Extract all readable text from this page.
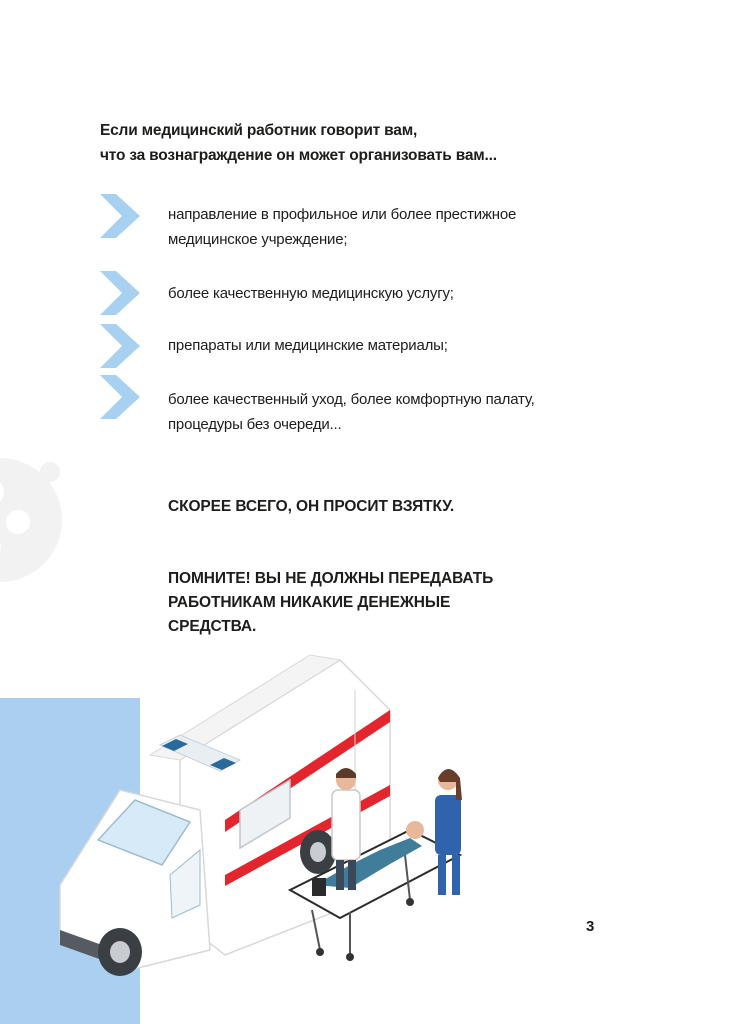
Если медицинский работник говорит вам,
что за вознаграждение он может организовать вам...
направление в профильное или более престижное
медицинское учреждение;
более качественную медицинскую услугу;
препараты или медицинские материалы;
более качественный уход, более комфортную палату,
процедуры без очереди...
СКОРЕЕ ВСЕГО, ОН ПРОСИТ ВЗЯТКУ.
ПОМНИТЕ! ВЫ НЕ ДОЛЖНЫ ПЕРЕДАВАТЬ
РАБОТНИКАМ НИКАКИЕ ДЕНЕЖНЫЕ
СРЕДСТВА.
3
